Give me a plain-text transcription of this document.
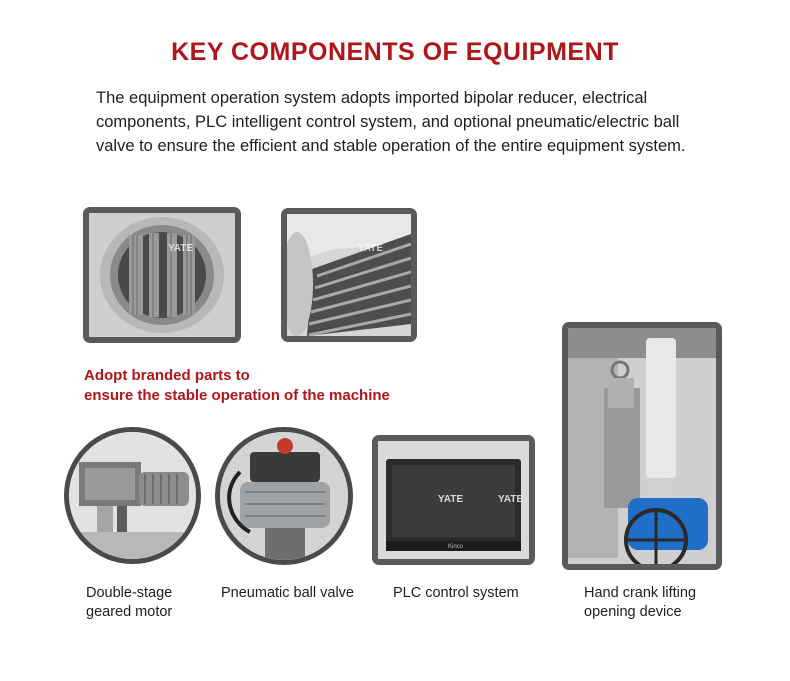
KEY COMPONENTS OF EQUIPMENT

The equipment operation system adopts imported bipolar reducer, electrical

components, PLC intelligent control system, and optional pneumatic/electric ball

valve to ensure the efficient and stable operation of the entire equipment system.

Adopt branded parts to

ensure the stable operation of the machine

Kinco
YATE	YATE
YATE	YATE

Double-stage

geared motor

Pneumatic ball valve	PLC control system	Hand crank lifting

opening device
